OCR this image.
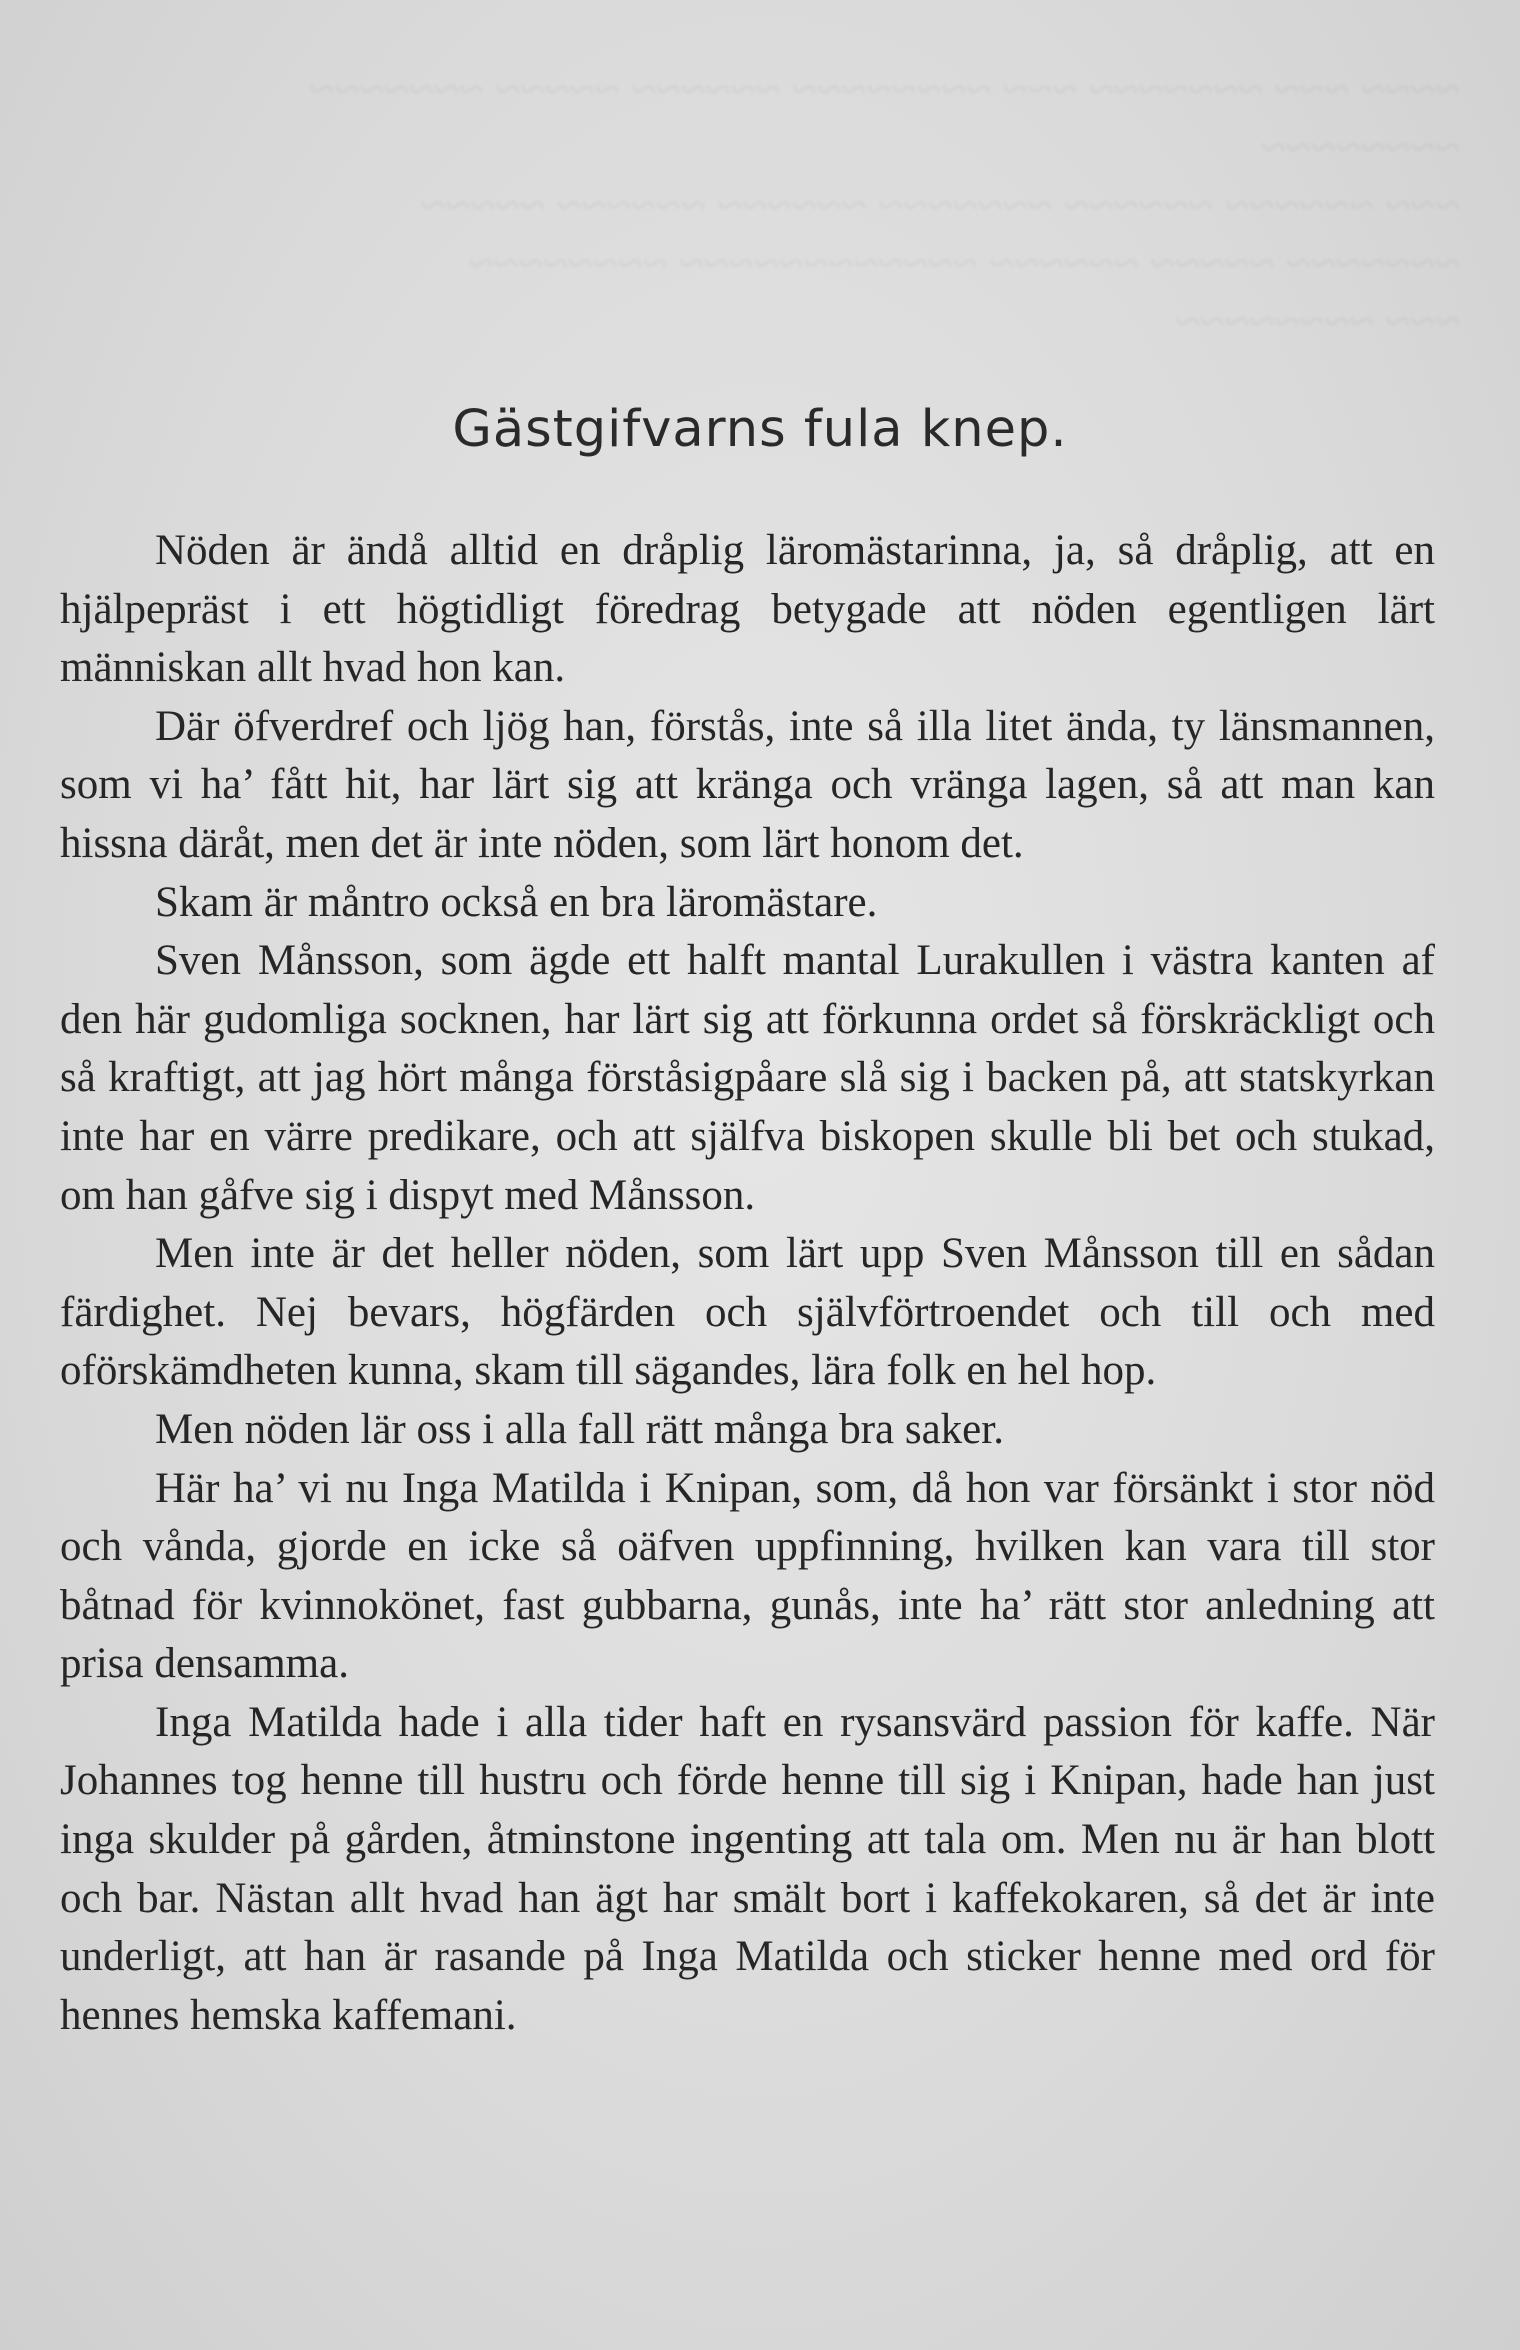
~~~~ ~~~ ~~~~~~~ ~~~ ~~~~~~~~ ~~~~~~ ~~~~~ ~~~~~~~

~~~~~~~~

~~~ ~~~~~~ ~~~~~~ ~~~~~~~ ~~~~~~ ~~~~~~ ~~~~~

~~~~~~~ ~~~~~ ~~~~~~ ~~~~~~~~~~~~ ~~~~~~~~

~~~ ~~~~~~~~

Gästgifvarns fula knep.

Nöden är ändå alltid en dråplig läromästarinna, ja, så dråplig, att en hjälpepräst i ett högtidligt föredrag betygade att nöden egentligen lärt människan allt hvad hon kan.

Där öfverdref och ljög han, förstås, inte så illa litet ända, ty länsmannen, som vi ha’ fått hit, har lärt sig att kränga och vränga lagen, så att man kan hissna däråt, men det är inte nöden, som lärt honom det.

Skam är måntro också en bra läromästare.

Sven Månsson, som ägde ett halft mantal Lurakullen i västra kanten af den här gudomliga socknen, har lärt sig att förkunna ordet så förskräckligt och så kraftigt, att jag hört många förståsigpåare slå sig i backen på, att statskyrkan inte har en värre predikare, och att själfva biskopen skulle bli bet och stukad, om han gåfve sig i dispyt med Månsson.

Men inte är det heller nöden, som lärt upp Sven Månsson till en sådan färdighet. Nej bevars, högfärden och självförtroendet och till och med oförskämdheten kunna, skam till sägandes, lära folk en hel hop.

Men nöden lär oss i alla fall rätt många bra saker.

Här ha’ vi nu Inga Matilda i Knipan, som, då hon var försänkt i stor nöd och vånda, gjorde en icke så oäfven uppfinning, hvilken kan vara till stor båtnad för kvinnokönet, fast gubbarna, gunås, inte ha’ rätt stor anledning att prisa densamma.

Inga Matilda hade i alla tider haft en rysansvärd passion för kaffe. När Johannes tog henne till hustru och förde henne till sig i Knipan, hade han just inga skulder på gården, åtminstone ingenting att tala om. Men nu är han blott och bar. Nästan allt hvad han ägt har smält bort i kaffekokaren, så det är inte underligt, att han är rasande på Inga Matilda och sticker henne med ord för hennes hemska kaffemani.
